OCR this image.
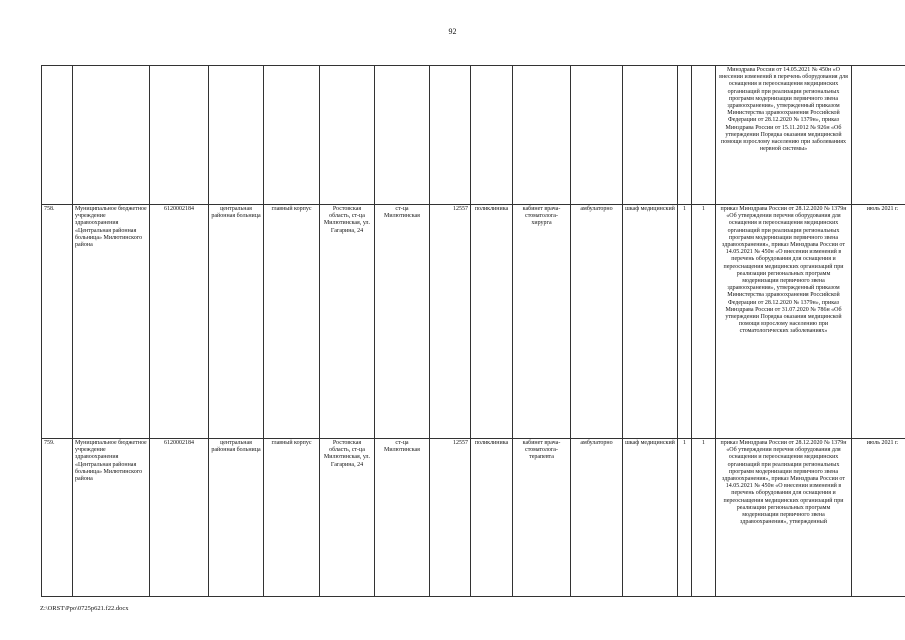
92
														Минздрава России от 14.05.2021 № 450н «О внесении изменений в перечень оборудования для оснащения и переоснащения медицинских организаций при реализации региональных программ модернизации первичного звена здравоохранения», утвержденный приказом Министерства здравоохранения Российской Федерации от 28.12.2020 № 1379н», приказ Минздрава России от 15.11.2012 № 926н «Об утверждении Порядка оказания медицинской помощи взрослому населению при заболеваниях нервной системы»	
758.	Муниципальное бюджетное учреждение здравоохранения «Центральная районная больница» Милютинского района	6120002184	центральная районная больница	главный корпус	Ростовская область, ст-ца Милютинская, ул. Гагарина, 24	ст-ца Милютинская	12557	поликлиника	кабинет врача-стоматолога-хирурга	амбулаторно	шкаф медицинский	1	1	приказ Минздрава России от 28.12.2020 № 1379н «Об утверждении перечня оборудования для оснащения и переоснащения медицинских организаций при реализации региональных программ модернизации первичного звена здравоохранения», приказ Минздрава России от 14.05.2021 № 450н «О внесении изменений в перечень оборудования для оснащения и переоснащения медицинских организаций при реализации региональных программ модернизации первичного звена здравоохранения», утвержденный приказом Министерства здравоохранения Российской Федерации от 28.12.2020 № 1379н», приказ Минздрава России от 31.07.2020 № 786н «Об утверждении Порядка оказания медицинской помощи взрослому населению при стоматологических заболеваниях»	июль 2021 г.
759.	Муниципальное бюджетное учреждение здравоохранения «Центральная районная больница» Милютинского района	6120002184	центральная районная больница	главный корпус	Ростовская область, ст-ца Милютинская, ул. Гагарина, 24	ст-ца Милютинская	12557	поликлиника	кабинет врача-стоматолога-терапевта	амбулаторно	шкаф медицинский	1	1	приказ Минздрава России от 28.12.2020 № 1379н «Об утверждении перечня оборудования для оснащения и переоснащения медицинских организаций при реализации региональных программ модернизации первичного звена здравоохранения», приказ Минздрава России от 14.05.2021 № 450н «О внесении изменений в перечень оборудования для оснащения и переоснащения медицинских организаций при реализации региональных программ модернизации первичного звена здравоохранения», утвержденный	июль 2021 г.
Z:\ORST\Ppo\0725p621.f22.docx
